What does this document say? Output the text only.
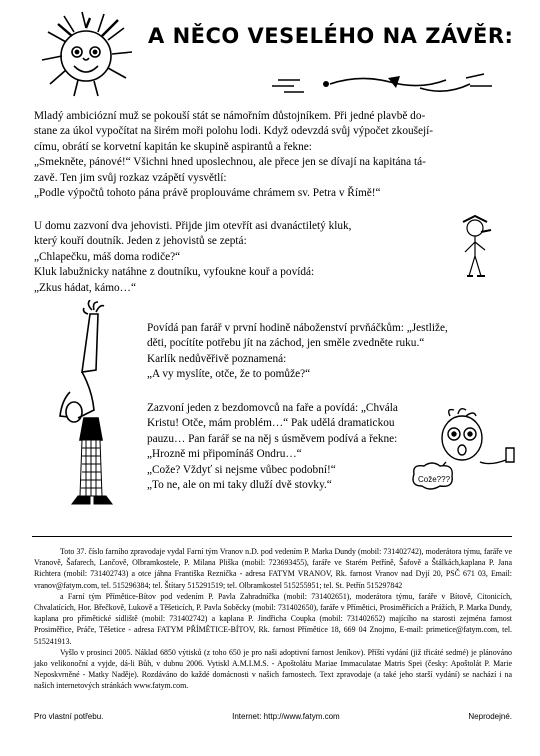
A NĚCO VESELÉHO NA ZÁVĚR:

Mladý ambiciózní muž se pokouší stát se námořním důstojníkem. Při jedné plavbě do-

stane za úkol vypočítat na širém moři polohu lodi. Když odevzdá svůj výpočet zkoušejí-

címu, obrátí se korvetní kapitán ke skupině aspirantů a řekne:

„Smekněte, pánové!“ Všichni hned uposlechnou, ale přece jen se dívají na kapitána tá-

zavě. Ten jim svůj rozkaz vzápětí vysvětlí:

„Podle výpočtů tohoto pána právě proplouváme chrámem sv. Petra v Římě!“

U domu zazvoní dva jehovisti. Přijde jim otevřít asi dvanáctiletý kluk,

který kouří doutník. Jeden z jehovistů se zeptá:

„Chlapečku, máš doma rodiče?“

Kluk labužnicky natáhne z doutníku, vyfoukne kouř a povídá:

„Zkus hádat, kámo…“

Povídá pan farář v první hodině náboženství prvňáčkům: „Jestliže,

děti, pocítíte potřebu jít na záchod, jen směle zvedněte ruku.“

Karlík nedůvěřivě poznamená:

„A vy myslíte, otče, že to pomůže?“

Zazvoní jeden z bezdomovců na faře a povídá: „Chvála

Kristu! Otče, mám problém…“ Pak udělá dramatickou

pauzu… Pan farář se na něj s úsměvem podívá a řekne:

„Hrozně mi připomínáš Ondru…“

„Cože? Vždyť si nejsme vůbec podobní!“

„To ne, ale on mi taky dluží dvě stovky.“	Cože???

Toto 37. číslo farního zpravodaje vydal Farní tým Vranov n.D. pod vedením P. Marka Dundy (mobil: 731402742), moderátora týmu, faráře ve Vranově, Šafarech, Lančově, Olbramkostele, P. Milana Pliška (mobil: 723693455), faráře ve Starém Petříně, Šafově a Štálkách,kaplana P. Jana Richtera (mobil: 731402743) a otce jáhna Františka Reznička - adresa FATYM VRANOV, Rk. farnost Vranov nad Dyjí 20, PSČ 671 03, Email: vranov@fatym.com, tel. 515296384; tel. Štítary 515291519; tel. Olbramkostel 515255951; tel. St. Petřín 515297842

a Farní tým Přímětice-Bítov pod vedením P. Pavla Zahradníčka (mobil: 731402651), moderátora týmu, faráře v Bítově, Citonicích, Chvalatících, Hor. Břečkově, Lukově a Těšeticích, P. Pavla Soběcky (mobil: 731402650), faráře v Přímětici, Prosiměřicích a Prážích, P. Marka Dundy, kaplana pro přímětické sídliště (mobil: 731402742) a kaplana P. Jindřicha Coupka (mobil: 731402652) majícího na starosti zejména farnost Prosiměřice, Práče, Těšetice - adresa FATYM PŘÍMĚTICE-BÍTOV, Rk. farnost Přímětice 18, 669 04 Znojmo, E-mail: primetice@fatym.com, tel. 515241913.

Vyšlo v prosinci 2005. Náklad 6850 výtisků (z toho 650 je pro naši adoptivní farnost Jeníkov). Příští vydání (již třicáté sedmé) je plánováno jako velikonoční a vyjde, dá-li Bůh, v dubnu 2006. Vytiskl A.M.I.M.S. - Apoštolátu Mariae Immaculatae Matris Spei (česky: Apoštolát P. Marie Neposkvrněné - Matky Naděje). Rozdáváno do každé domácnosti v našich farnostech. Text zpravodaje (a také jeho starší vydání) se nachází i na našich internetových stránkách www.fatym.com.

Pro vlastní potřebu.	Internet: http://www.fatym.com	Neprodejné.
